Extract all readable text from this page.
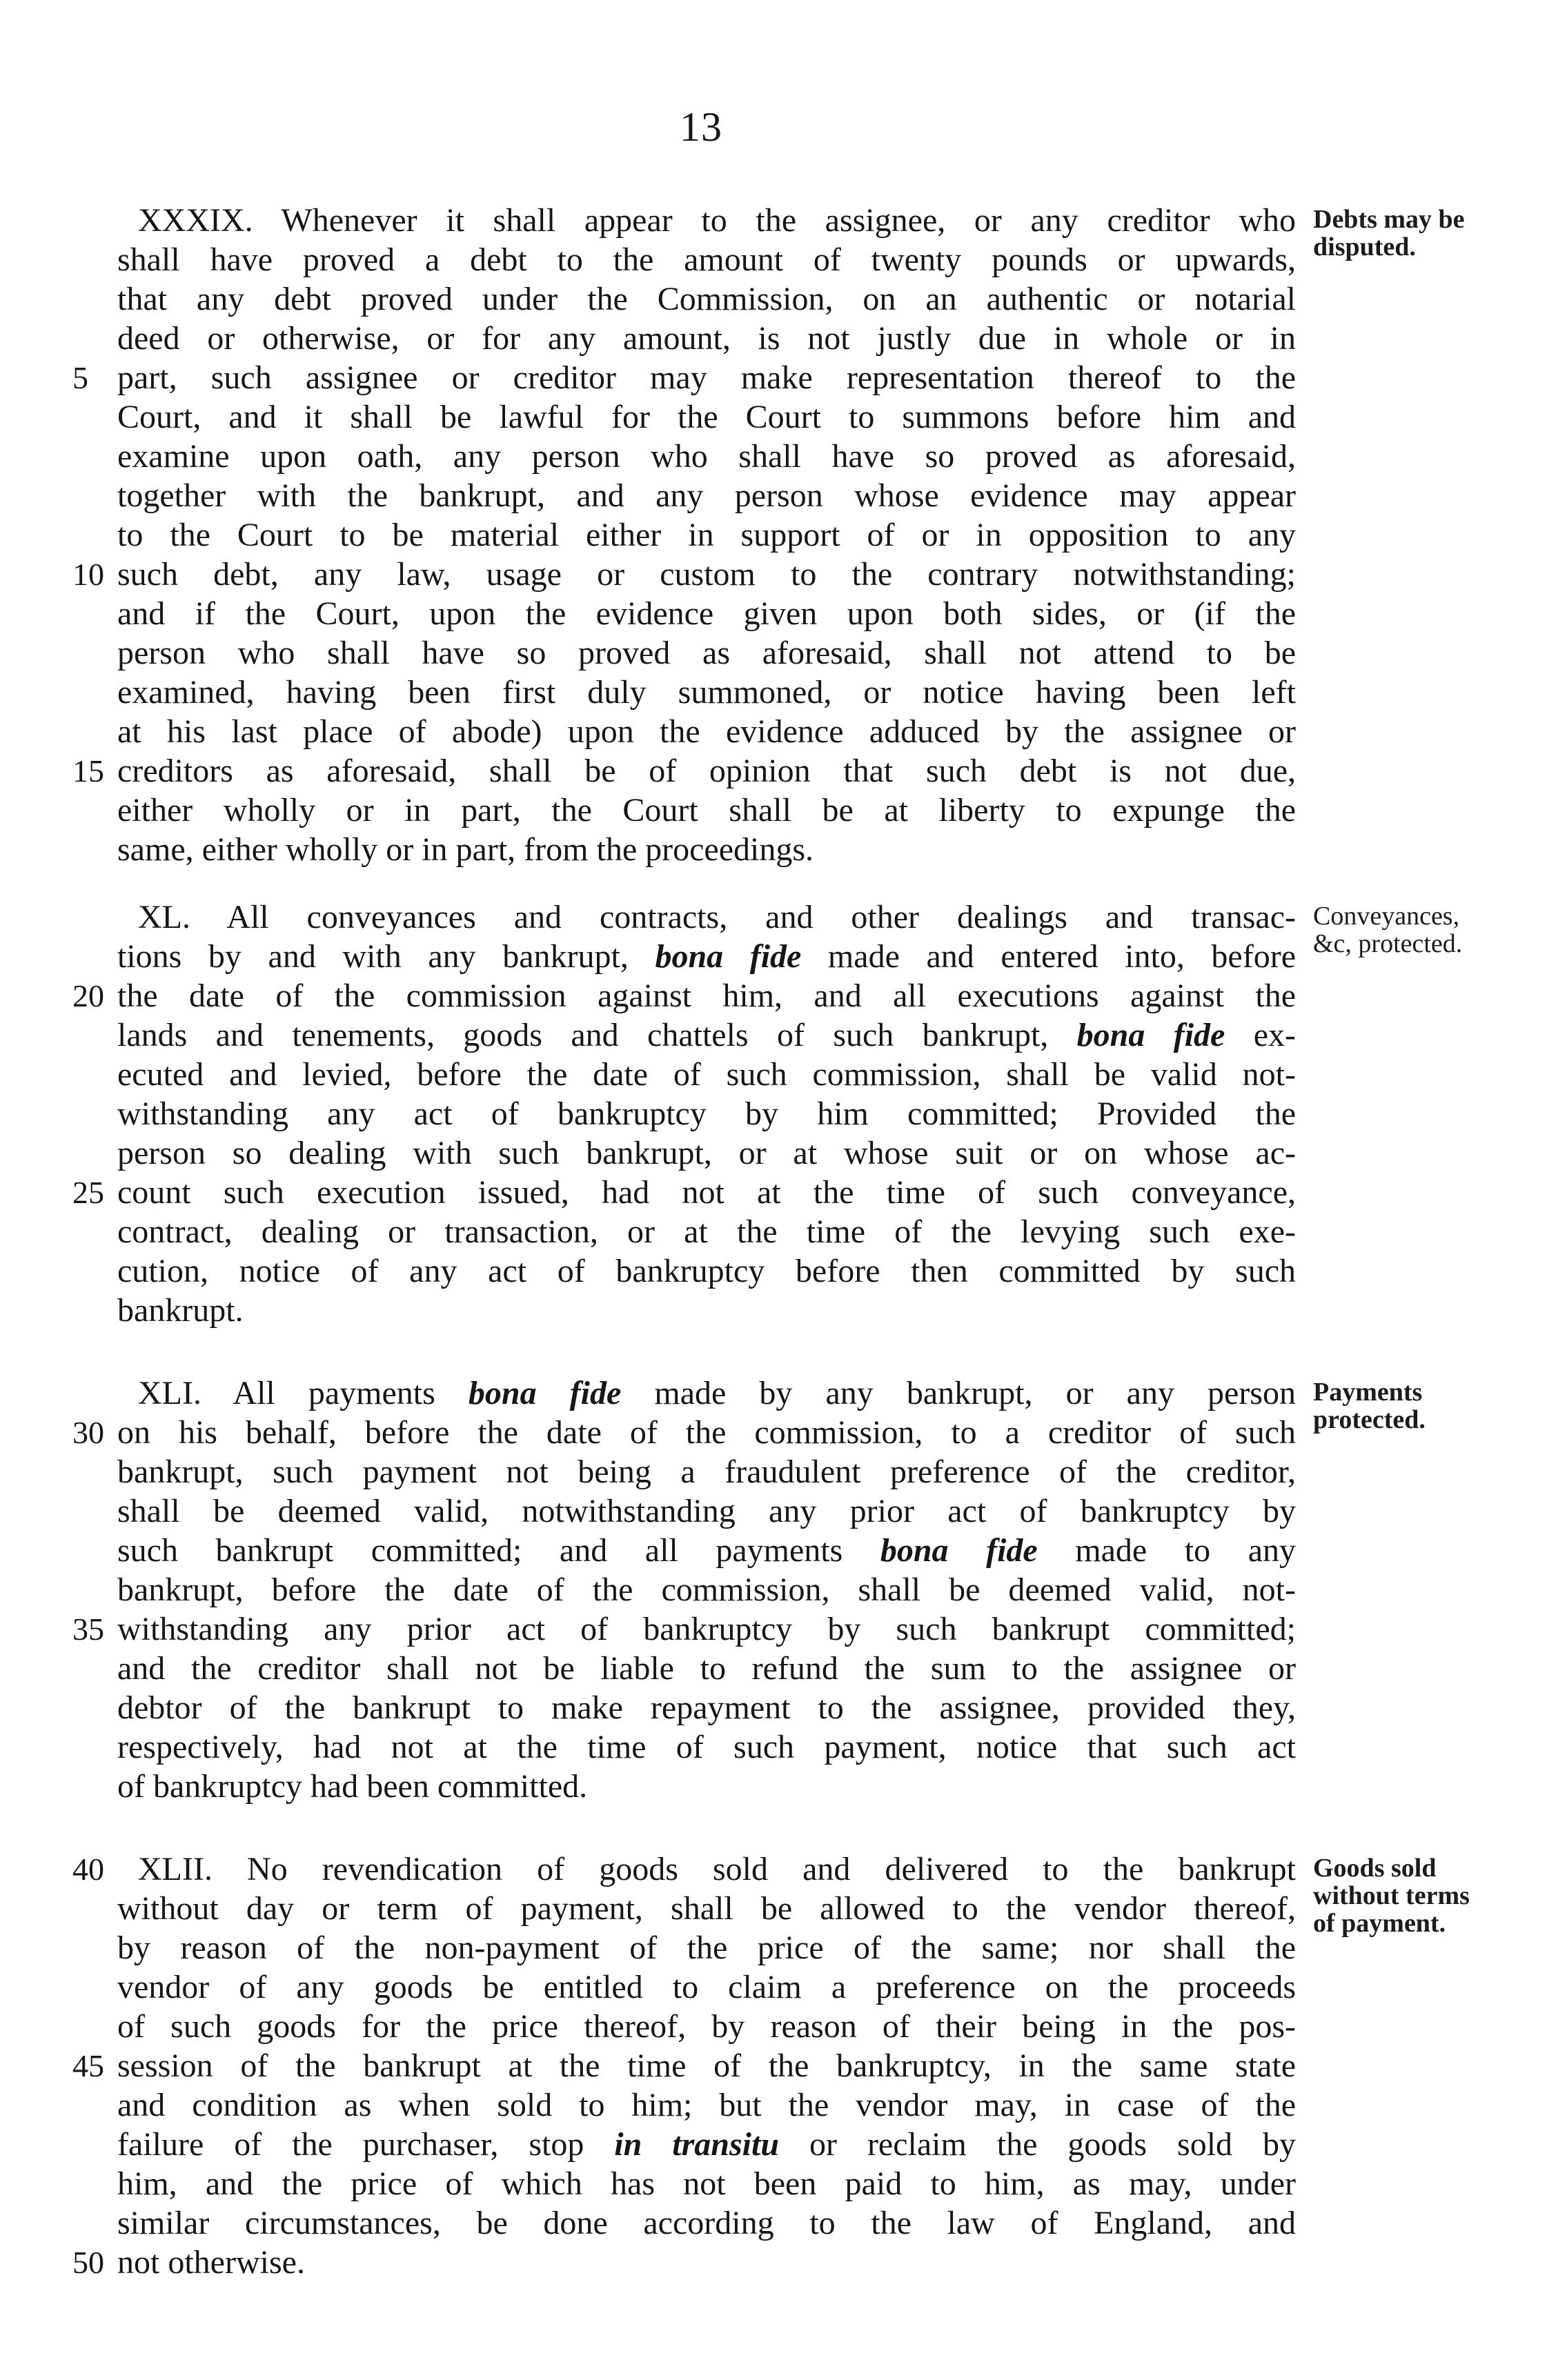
13
XXXIX. Whenever it shall appear to the assignee, or any creditor who
shall have proved a debt to the amount of twenty pounds or upwards,
that any debt proved under the Commission, on an authentic or notarial
deed or otherwise, or for any amount, is not justly due in whole or in
part, such assignee or creditor may make representation thereof to the
Court, and it shall be lawful for the Court to summons before him and
examine upon oath, any person who shall have so proved as aforesaid,
together with the bankrupt, and any person whose evidence may appear
to the Court to be material either in support of or in opposition to any
such debt, any law, usage or custom to the contrary notwithstanding;
and if the Court, upon the evidence given upon both sides, or (if the
person who shall have so proved as aforesaid, shall not attend to be
examined, having been first duly summoned, or notice having been left
at his last place of abode) upon the evidence adduced by the assignee or
creditors as aforesaid, shall be of opinion that such debt is not due,
either wholly or in part, the Court shall be at liberty to expunge the
same, either wholly or in part, from the proceedings.
Debts may be
disputed.
XL. All conveyances and contracts, and other dealings and transac-
tions by and with any bankrupt, bona fide made and entered into, before
the date of the commission against him, and all executions against the
lands and tenements, goods and chattels of such bankrupt, bona fide ex-
ecuted and levied, before the date of such commission, shall be valid not-
withstanding any act of bankruptcy by him committed; Provided the
person so dealing with such bankrupt, or at whose suit or on whose ac-
count such execution issued, had not at the time of such conveyance,
contract, dealing or transaction, or at the time of the levying such exe-
cution, notice of any act of bankruptcy before then committed by such
bankrupt.
Conveyances,
&c, protected.
XLI. All payments bona fide made by any bankrupt, or any person
on his behalf, before the date of the commission, to a creditor of such
bankrupt, such payment not being a fraudulent preference of the creditor,
shall be deemed valid, notwithstanding any prior act of bankruptcy by
such bankrupt committed; and all payments bona fide made to any
bankrupt, before the date of the commission, shall be deemed valid, not-
withstanding any prior act of bankruptcy by such bankrupt committed;
and the creditor shall not be liable to refund the sum to the assignee or
debtor of the bankrupt to make repayment to the assignee, provided they,
respectively, had not at the time of such payment, notice that such act
of bankruptcy had been committed.
Payments
protected.
XLII. No revendication of goods sold and delivered to the bankrupt
without day or term of payment, shall be allowed to the vendor thereof,
by reason of the non-payment of the price of the same; nor shall the
vendor of any goods be entitled to claim a preference on the proceeds
of such goods for the price thereof, by reason of their being in the pos-
session of the bankrupt at the time of the bankruptcy, in the same state
and condition as when sold to him; but the vendor may, in case of the
failure of the purchaser, stop in transitu or reclaim the goods sold by
him, and the price of which has not been paid to him, as may, under
similar circumstances, be done according to the law of England, and
not otherwise.
Goods sold
without terms
of payment.
5
10
15
20
25
30
35
40
45
50
